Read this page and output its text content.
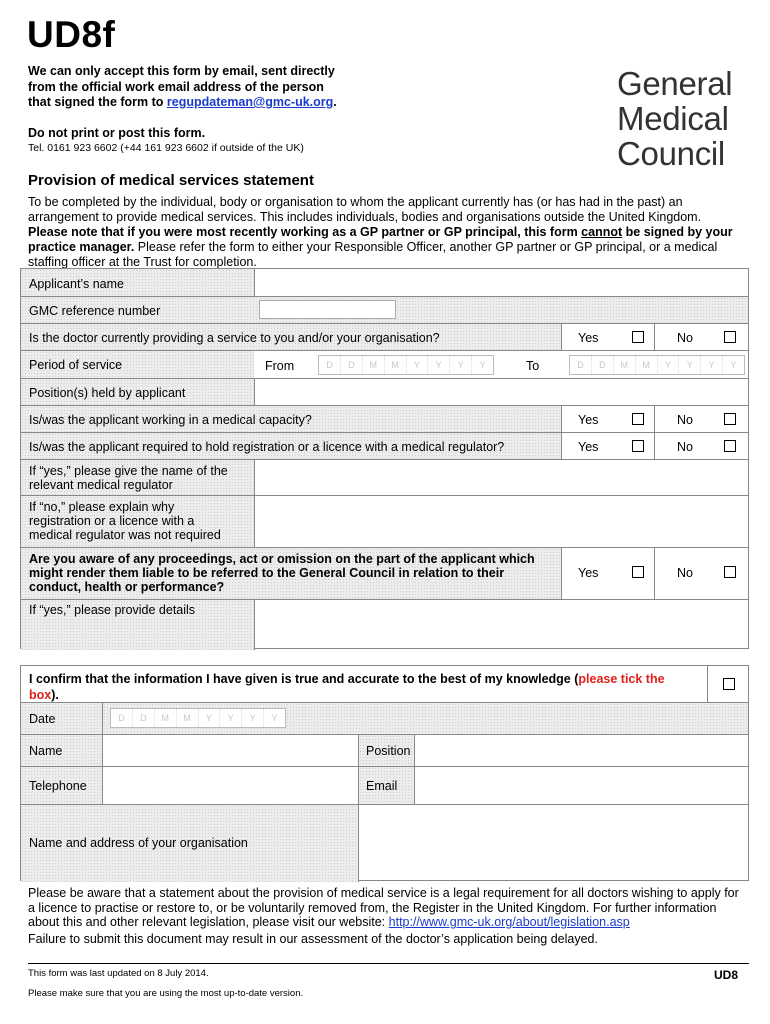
UD8f
We can only accept this form by email, sent directly
from the official work email address of the person
that signed the form to regupdateman@gmc-uk.org.
Do not print or post this form.
Tel. 0161 923 6602 (+44 161 923 6602 if outside of the UK)
General
Medical
Council
Provision of medical services statement
To be completed by the individual, body or organisation to whom the applicant currently has (or has had in the past) an arrangement to provide medical services. This includes individuals, bodies and organisations outside the United Kingdom. Please note that if you were most recently working as a GP partner or GP principal, this form cannot be signed by your practice manager. Please refer the form to either your Responsible Officer, another GP partner or GP principal, or a medical staffing officer at the Trust for completion.
Applicant’s name
GMC reference number
Is the doctor currently providing a service to you and/or your organisation?	Yes	No
Period of service	From	D	D	M	M	Y	Y	Y	Y	To	D	D	M	M	Y	Y	Y	Y
Position(s) held by applicant
Is/was the applicant working in a medical capacity?	Yes	No
Is/was the applicant required to hold registration or a licence with a medical regulator?	Yes	No
If “yes,” please give the name of the
relevant medical regulator
If “no,” please explain why
registration or a licence with a
medical regulator was not required
Are you aware of any proceedings, act or omission on the part of the applicant which
might render them liable to be referred to the General Council in relation to their
conduct, health or performance?
Yes	No
If “yes,” please provide details
I confirm that the information I have given is true and accurate to the best of my knowledge (please tick the
box).
Date	D	D	M	M	Y	Y	Y	Y
Name	Position
Telephone	Email
Name and address of your organisation
Please be aware that a statement about the provision of medical service is a legal requirement for all doctors wishing to apply for a licence to practise or restore to, or be voluntarily removed from, the Register in the United Kingdom. For further information about this and other relevant legislation, please visit our website: http://www.gmc-uk.org/about/legislation.asp
Failure to submit this document may result in our assessment of the doctor’s application being delayed.
This form was last updated on 8 July 2014.	UD8
Please make sure that you are using the most up-to-date version.
